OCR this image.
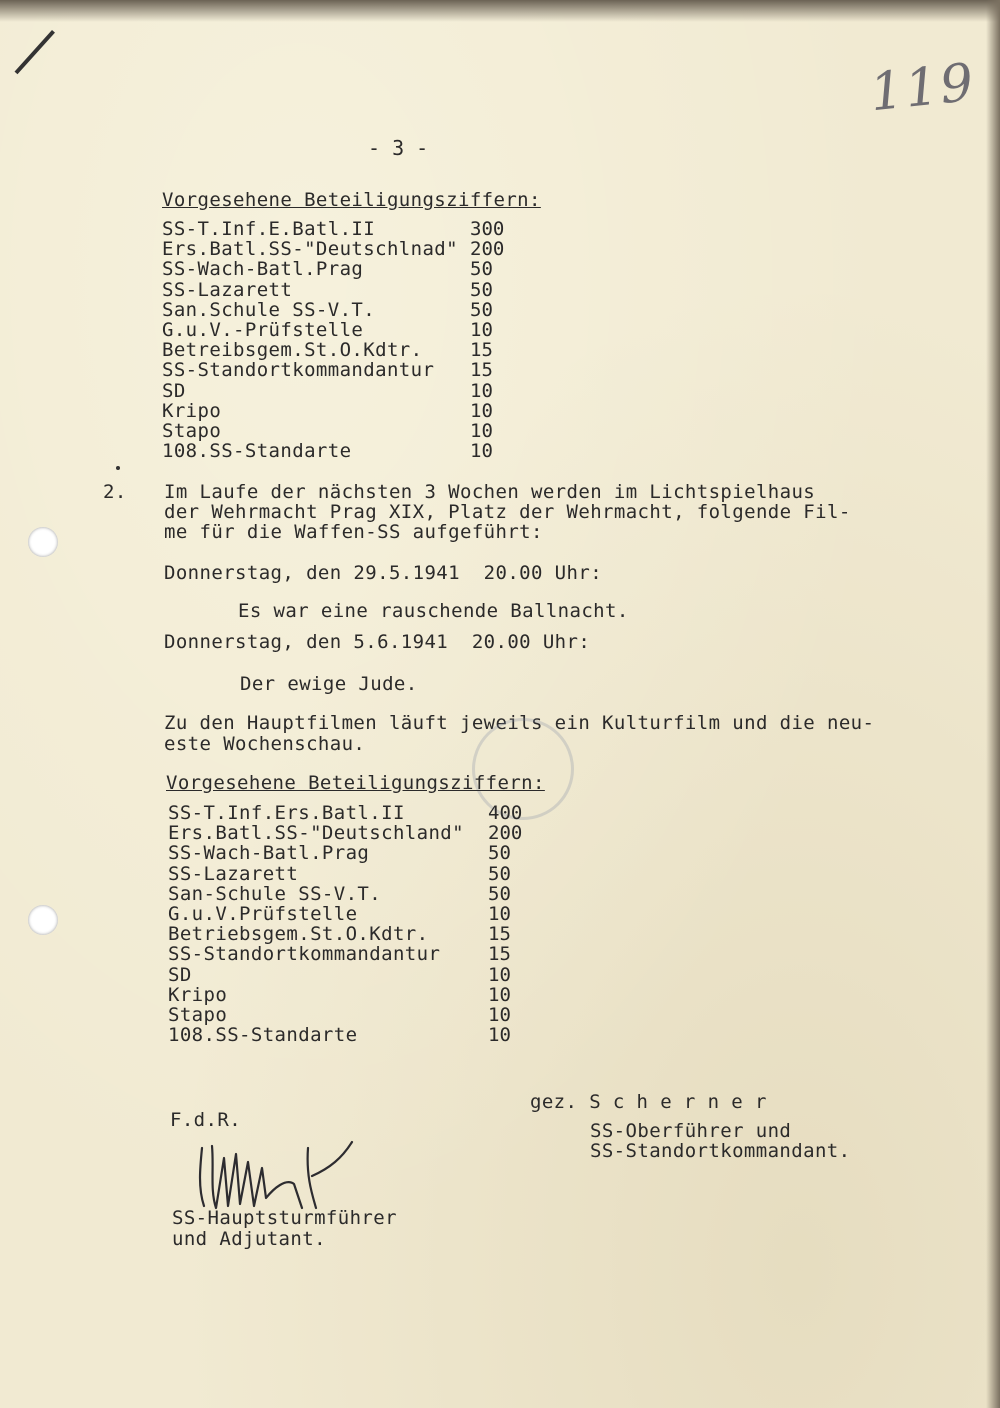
119
- 3 -
Vorgesehene Beteiligungsziffern:
SS-T.Inf.E.Batl.II	300
Ers.Batl.SS-"Deutschlnad" 200
SS-Wach-Batl.Prag	50
SS-Lazarett	50
San.Schule SS-V.T.	50
G.u.V.-Prüfstelle	10
Betreibsgem.St.O.Kdtr.	15
SS-Standortkommandantur 15
SD	10
Kripo	10
Stapo	10
108.SS-Standarte	10
2. Im Laufe der nächsten 3 Wochen werden im Lichtspielhaus
der Wehrmacht Prag XIX, Platz der Wehrmacht, folgende Fil-
me für die Waffen-SS aufgeführt:
Donnerstag, den 29.5.1941  20.00 Uhr:
Es war eine rauschende Ballnacht.
Donnerstag, den 5.6.1941  20.00 Uhr:
Der ewige Jude.
Zu den Hauptfilmen läuft jeweils ein Kulturfilm und die neu-
este Wochenschau.
Vorgesehene Beteiligungsziffern:
SS-T.Inf.Ers.Batl.II	400
Ers.Batl.SS-"Deutschland" 200
SS-Wach-Batl.Prag	50
SS-Lazarett	50
San-Schule SS-V.T.	50
G.u.V.Prüfstelle	10
Betriebsgem.St.O.Kdtr.	15
SS-Standortkommandantur	15
SD	10
Kripo	10
Stapo	10
108.SS-Standarte	10
F.d.R.
SS-Hauptsturmführer
und Adjutant.
gez. S c h e r n e r
SS-Oberführer und
SS-Standortkommandant.
